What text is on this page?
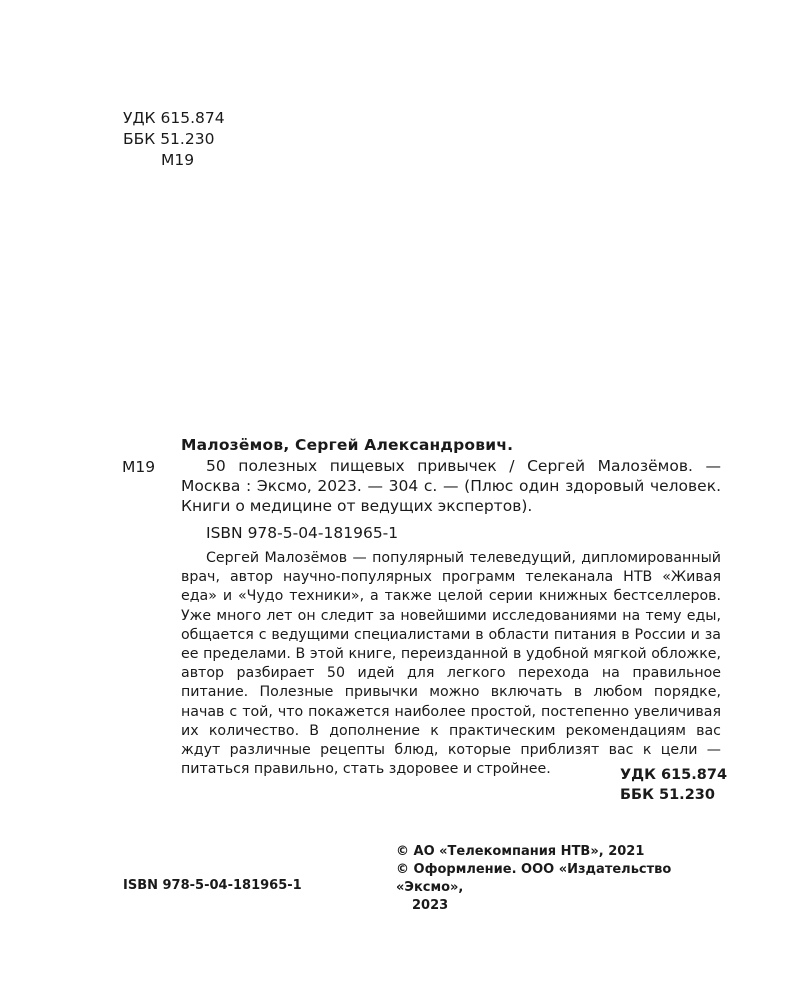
УДК 615.874
ББК 51.230
М19
Малозёмов, Сергей Александрович.
М19	50 полезных пищевых привычек / Сергей Малозёмов. — Москва : Эксмо, 2023. — 304 с. — (Плюс один здоровый человек. Книги о медицине от ведущих экспертов).
ISBN 978-5-04-181965-1
Сергей Малозёмов — популярный телеведущий, дипломированный врач, автор научно-популярных программ телеканала НТВ «Живая еда» и «Чудо техники», а также целой серии книжных бестселлеров. Уже много лет он следит за новейшими исследованиями на тему еды, общается с ведущими специалистами в области питания в России и за ее пределами. В этой книге, переизданной в удобной мягкой обложке, автор разбирает 50 идей для легкого перехода на правильное питание. Полезные привычки можно включать в любом порядке, начав с той, что покажется наиболее простой, постепенно увеличивая их количество. В дополнение к практическим рекомендациям вас ждут различные рецепты блюд, которые приблизят вас к цели — питаться правильно, стать здоровее и стройнее.	УДК 615.874
ББК 51.230
© АО «Телекомпания НТВ», 2021
© Оформление. ООО «Издательство «Эксмо»,
2023
ISBN 978-5-04-181965-1
